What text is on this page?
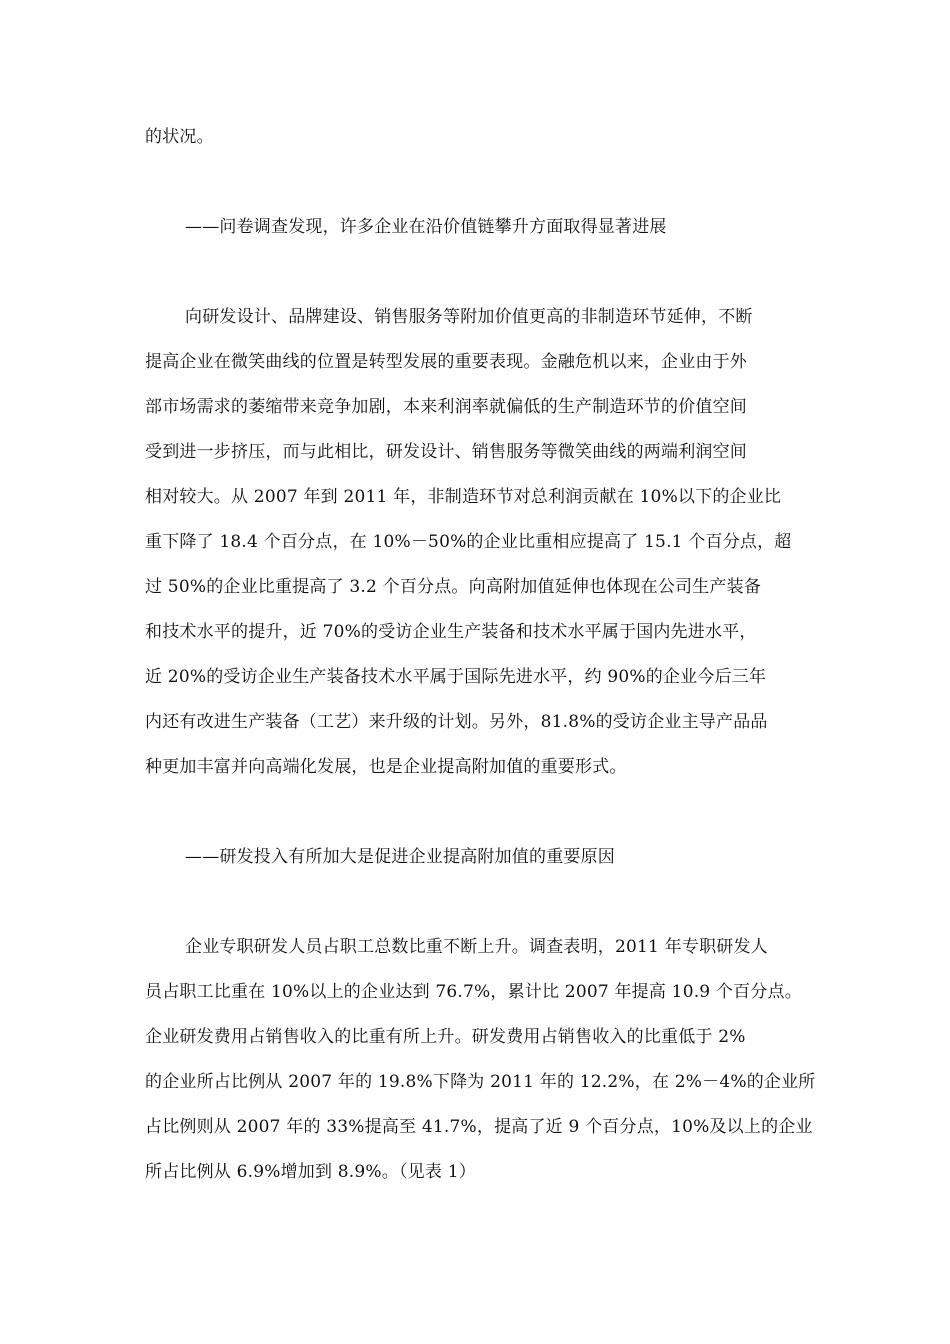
的状况。
——问卷调查发现，许多企业在沿价值链攀升方面取得显著进展
向研发设计、品牌建设、销售服务等附加价值更高的非制造环节延伸，不断
提高企业在微笑曲线的位置是转型发展的重要表现。金融危机以来，企业由于外
部市场需求的萎缩带来竞争加剧，本来利润率就偏低的生产制造环节的价值空间
受到进一步挤压，而与此相比，研发设计、销售服务等微笑曲线的两端利润空间
相对较大。从 2007 年到 2011 年，非制造环节对总利润贡献在 10%以下的企业比
重下降了 18.4 个百分点，在 10%－50%的企业比重相应提高了 15.1 个百分点，超
过 50%的企业比重提高了 3.2 个百分点。向高附加值延伸也体现在公司生产装备
和技术水平的提升，近 70%的受访企业生产装备和技术水平属于国内先进水平，
近 20%的受访企业生产装备技术水平属于国际先进水平，约 90%的企业今后三年
内还有改进生产装备（工艺）来升级的计划。另外，81.8%的受访企业主导产品品
种更加丰富并向高端化发展，也是企业提高附加值的重要形式。
——研发投入有所加大是促进企业提高附加值的重要原因
企业专职研发人员占职工总数比重不断上升。调查表明，2011 年专职研发人
员占职工比重在 10%以上的企业达到 76.7%，累计比 2007 年提高 10.9 个百分点。
企业研发费用占销售收入的比重有所上升。研发费用占销售收入的比重低于 2%
的企业所占比例从 2007 年的 19.8%下降为 2011 年的 12.2%，在 2%－4%的企业所
占比例则从 2007 年的 33%提高至 41.7%，提高了近 9 个百分点，10%及以上的企业
所占比例从 6.9%增加到 8.9%。（见表 1）
